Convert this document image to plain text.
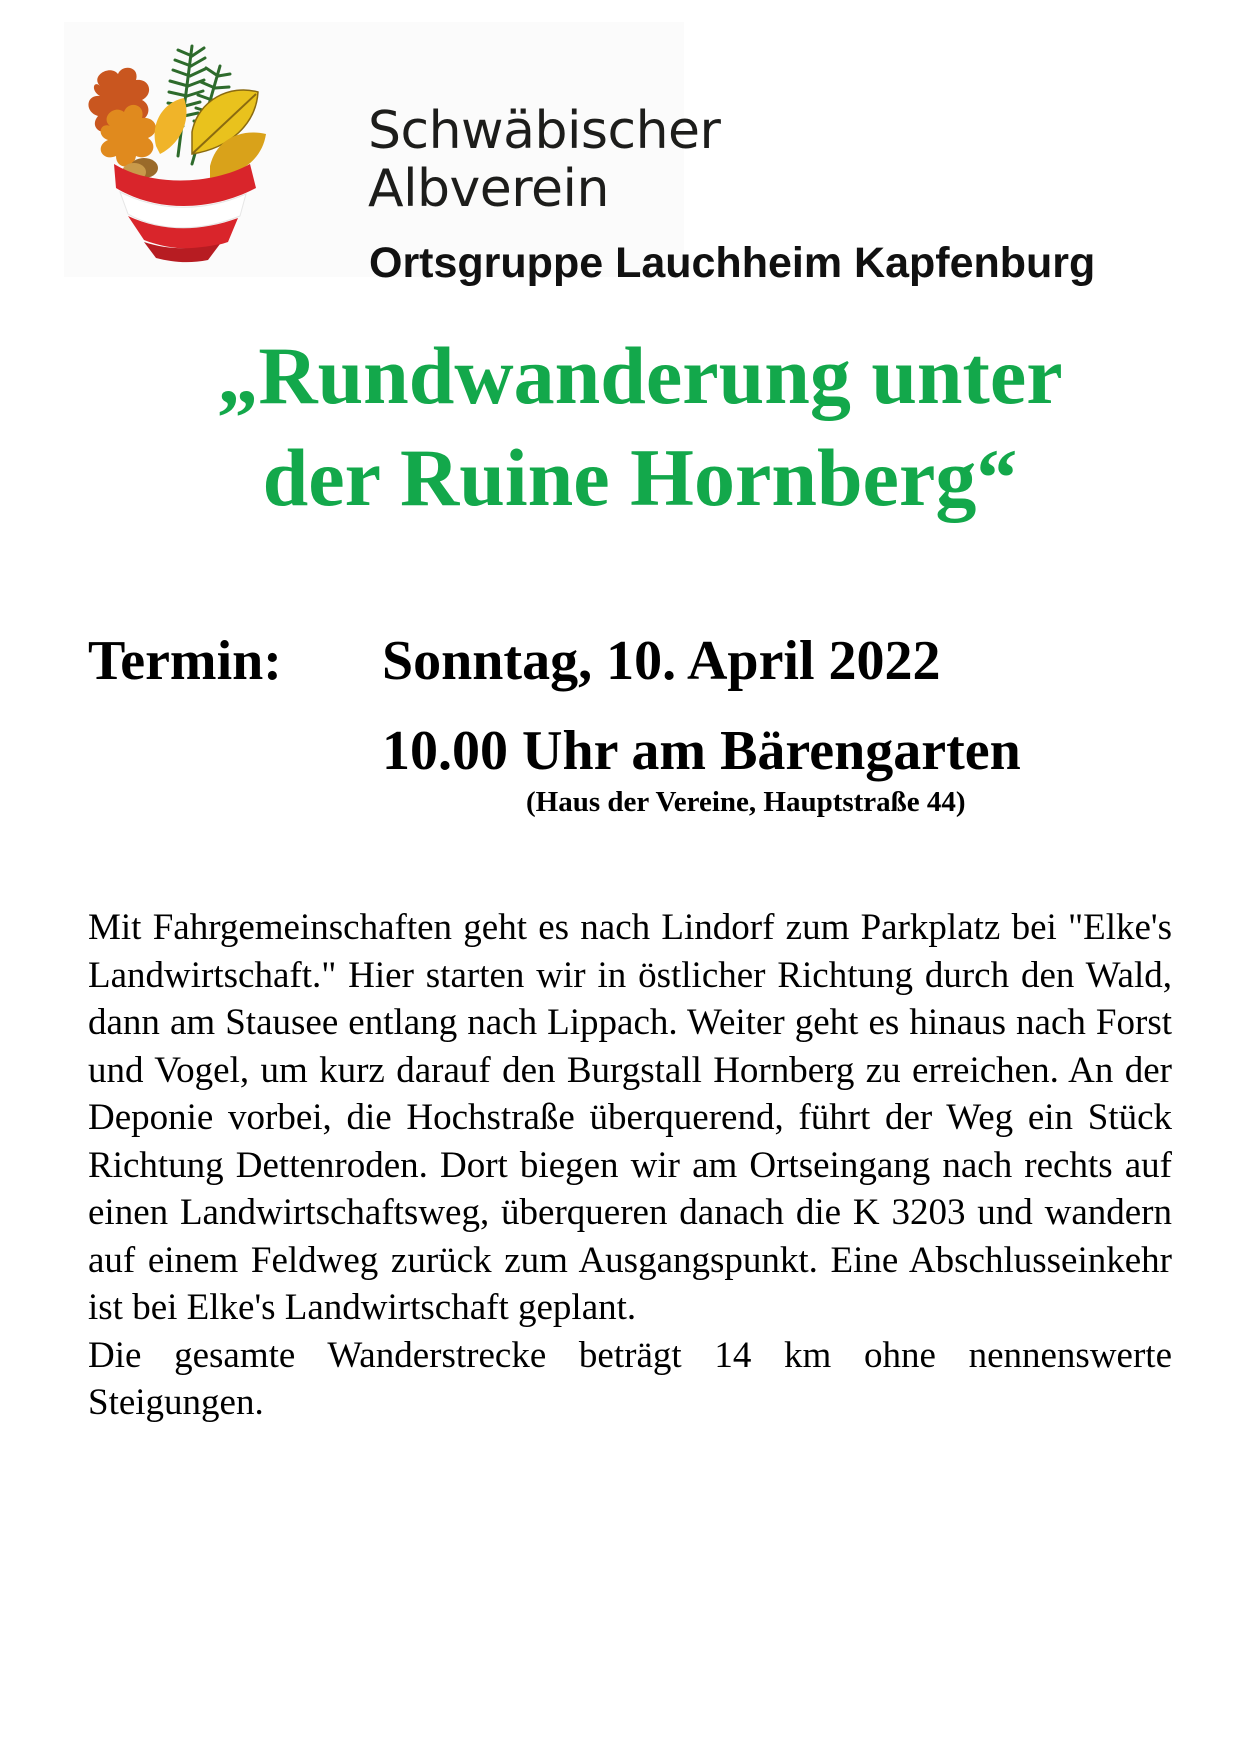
Schwäbischer
Albverein
Ortsgruppe Lauchheim Kapfenburg
„Rundwanderung unter
der Ruine Hornberg“
Termin: Sonntag, 10. April 2022
10.00 Uhr am Bärengarten
(Haus der Vereine, Hauptstraße 44)

Mit Fahrgemeinschaften geht es nach Lindorf zum Parkplatz bei "Elke's Landwirtschaft." Hier starten wir in östlicher Richtung durch den Wald, dann am Stausee entlang nach Lippach. Weiter geht es hinaus nach Forst und Vogel, um kurz darauf den Burgstall Hornberg zu erreichen. An der Deponie vorbei, die Hochstraße überquerend, führt der Weg ein Stück Richtung Dettenroden. Dort biegen wir am Ortseingang nach rechts auf einen Landwirtschaftsweg, überqueren danach die K 3203 und wandern auf einem Feldweg zurück zum Ausgangspunkt. Eine Abschlusseinkehr ist bei Elke's Landwirtschaft geplant.

Die gesamte Wanderstrecke beträgt 14 km ohne nennenswerte Steigungen.
